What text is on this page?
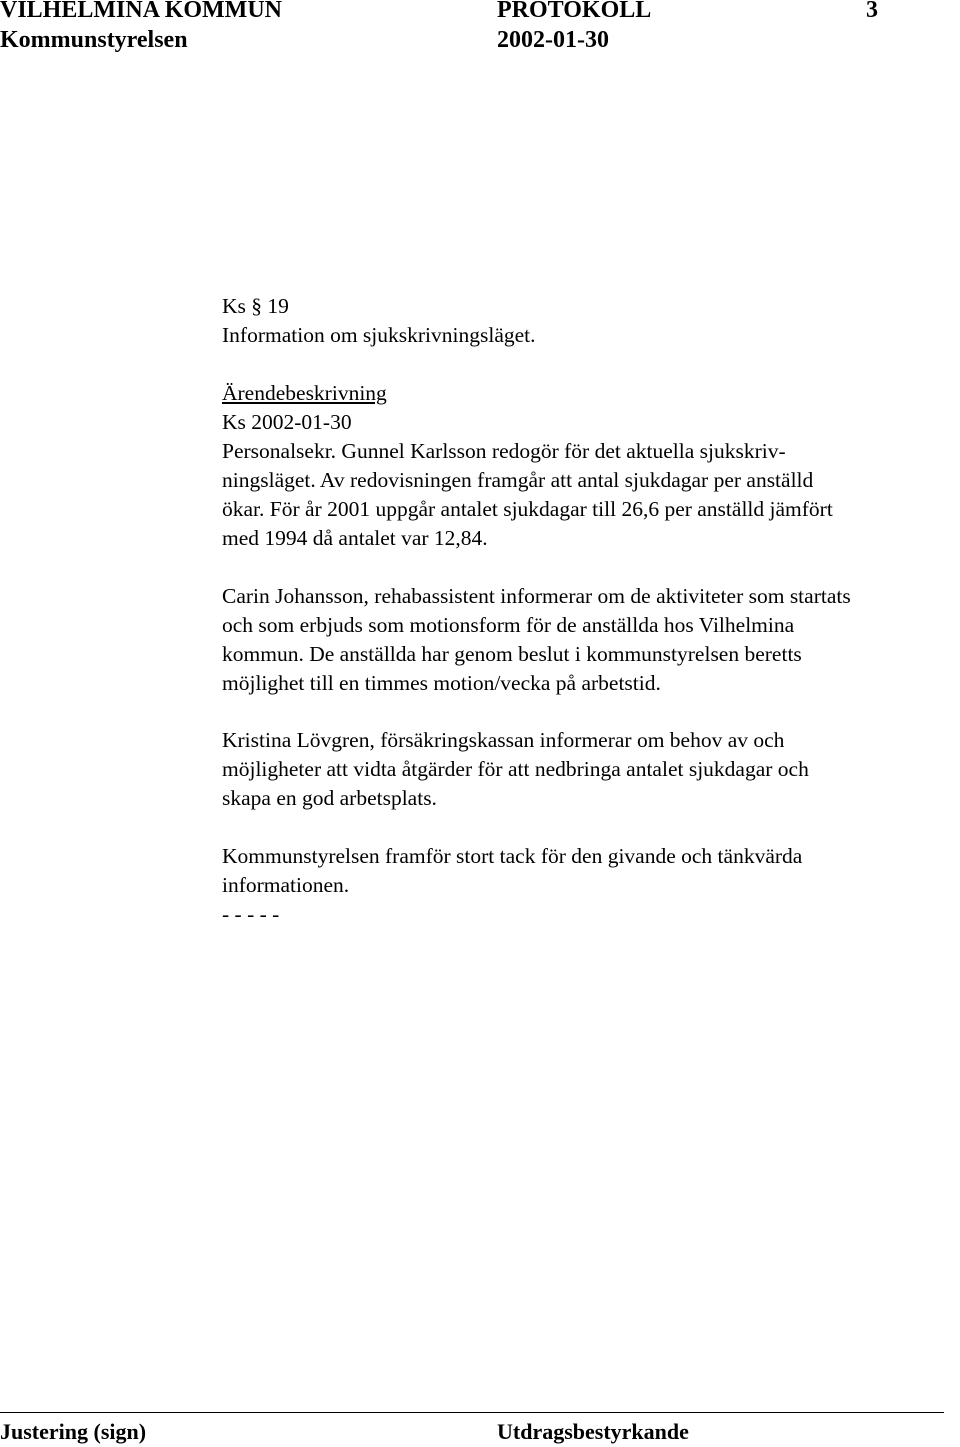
VILHELMINA KOMMUN	PROTOKOLL	3
Kommunstyrelsen	2002-01-30
Ks § 19
Information om sjukskrivningsläget.
Ärendebeskrivning
Ks 2002-01-30
Personalsekr. Gunnel Karlsson redogör för det aktuella sjukskriv-
ningsläget. Av redovisningen framgår att antal sjukdagar per anställd
ökar. För år 2001 uppgår antalet sjukdagar till 26,6 per anställd jämfört
med 1994 då antalet var 12,84.
Carin Johansson, rehabassistent informerar om de aktiviteter som startats
och som erbjuds som motionsform för de anställda hos Vilhelmina
kommun. De anställda har genom beslut i kommunstyrelsen beretts
möjlighet till en timmes motion/vecka på arbetstid.
Kristina Lövgren, försäkringskassan informerar om behov av och
möjligheter att vidta åtgärder för att nedbringa antalet sjukdagar och
skapa en god arbetsplats.
Kommunstyrelsen framför stort tack för den givande och tänkvärda
informationen.
- - - - -
Justering (sign)	Utdragsbestyrkande
